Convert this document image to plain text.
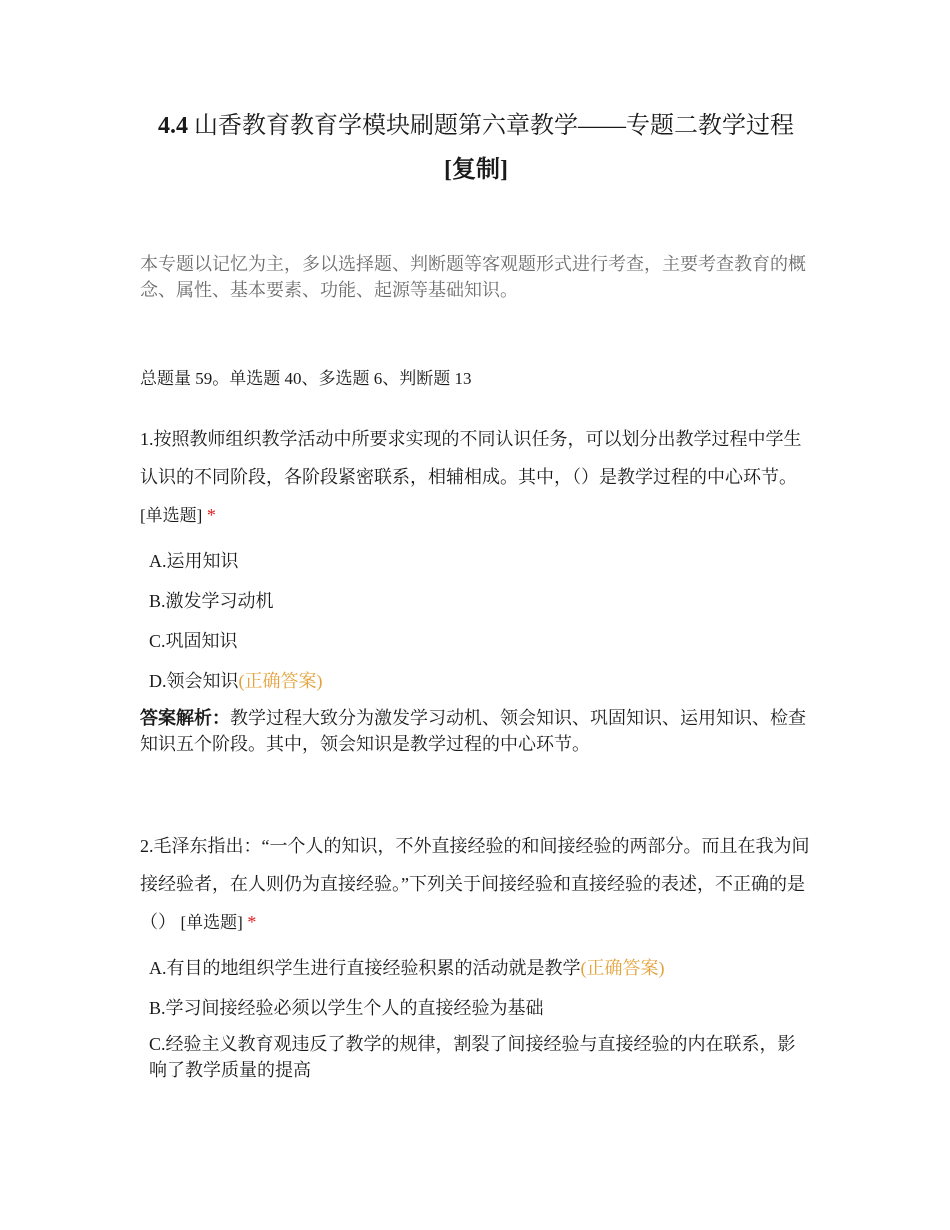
4.4 山香教育教育学模块刷题第六章教学——专题二教学过程
[复制]
本专题以记忆为主，多以选择题、判断题等客观题形式进行考查，主要考查教育的概念、属性、基本要素、功能、起源等基础知识。
总题量 59。单选题 40、多选题 6、判断题 13
1.按照教师组织教学活动中所要求实现的不同认识任务，可以划分出教学过程中学生认识的不同阶段，各阶段紧密联系，相辅相成。其中，（）是教学过程的中心环节。 [单选题] *
A.运用知识
B.激发学习动机
C.巩固知识
D.领会知识(正确答案)
答案解析：教学过程大致分为激发学习动机、领会知识、巩固知识、运用知识、检查知识五个阶段。其中，领会知识是教学过程的中心环节。
2.毛泽东指出：“一个人的知识，不外直接经验的和间接经验的两部分。而且在我为间接经验者，在人则仍为直接经验。”下列关于间接经验和直接经验的表述，不正确的是（） [单选题] *
A.有目的地组织学生进行直接经验积累的活动就是教学(正确答案)
B.学习间接经验必须以学生个人的直接经验为基础
C.经验主义教育观违反了教学的规律，割裂了间接经验与直接经验的内在联系，影响了教学质量的提高
